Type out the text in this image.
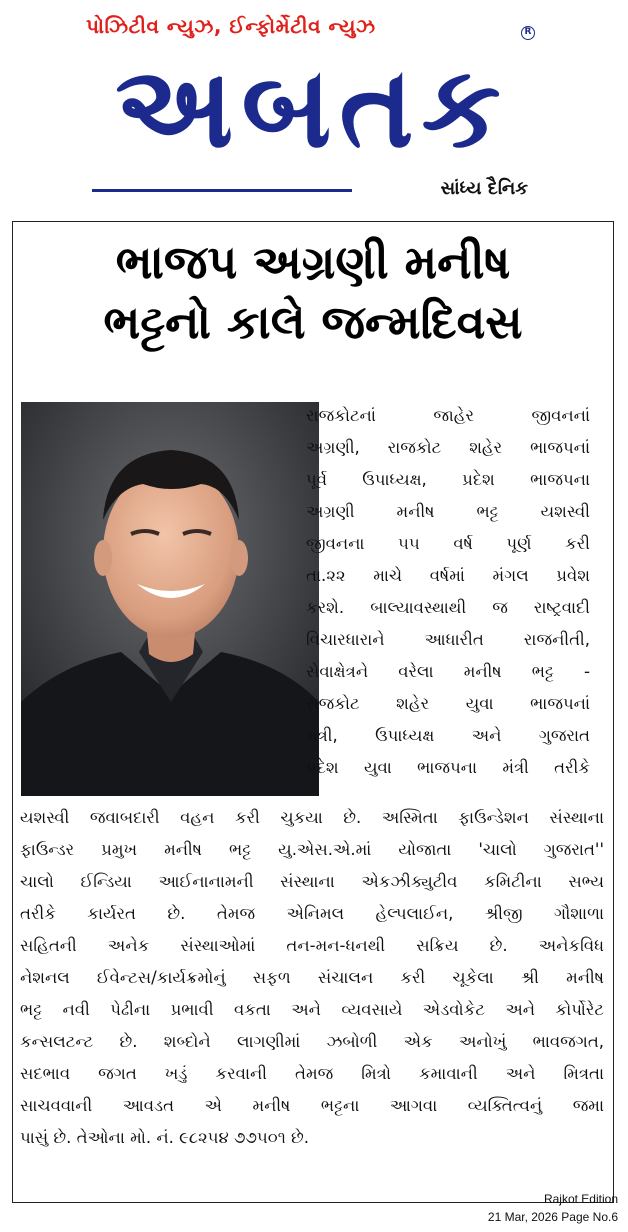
પોઝિટીવ ન્યુઝ, ઈન્ફોર્મેટીવ ન્યુઝ	R
અબતક
સાંધ્ય દૈનિક
ભાજપ અગ્રણી મનીષ
ભટ્ટનો કાલે જન્મદિવસ
રાજકોટનાં જાહેર જીવનનાં
અગ્રણી, રાજકોટ શહેર ભાજપનાં
પૂર્વ ઉપાધ્યક્ષ, પ્રદેશ ભાજપના
અગ્રણી મનીષ ભટ્ટ યશસ્વી
જીવનના ૫૫ વર્ષ પૂર્ણ કરી
તા.૨૨ માચે વર્ષમાં મંગલ પ્રવેશ
કરશે. બાલ્યાવસ્થાથી જ રાષ્ટ્રવાદી
વિચારધારાને આધારીત રાજનીતી,
સેવાક્ષેત્રને વરેલા મનીષ ભટ્ટ -
રાજકોટ શહેર યુવા ભાજપનાં
મંત્રી, ઉપાધ્યક્ષ અને ગુજરાત
પ્રદેશ યુવા ભાજપના મંત્રી તરીકે
યશસ્વી જવાબદારી વહન કરી ચુકયા છે. અસ્મિતા ફાઉન્ડેશન સંસ્થાના
ફાઉન્ડર પ્રમુખ મનીષ ભટ્ટ યુ.એસ.એ.માં યોજાતા 'ચાલો ગુજરાત''
ચાલો ઈન્ડિયા આઈનાનામની સંસ્થાના એકઝીક્યુટીવ કમિટીના સભ્ય
તરીકે કાર્યરત છે. તેમજ એનિમલ હેલ્પલાઈન, શ્રીજી ગૌશાળા
સહિતની અનેક સંસ્થાઓમાં તન-મન-ધનથી સક્રિય છે. અનેકવિધ
નેશનલ ઈવેન્ટસ/કાર્યક્રમોનું સફળ સંચાલન કરી ચૂકેલા શ્રી મનીષ
ભટ્ટ નવી પેઢીના પ્રભાવી વકતા અને વ્યવસાયે એડવોકેટ અને કોર્પોરેટ
કન્સલટન્ટ છે. શબ્દોને લાગણીમાં ઝબોળી એક અનોખું ભાવજગત,
સદભાવ જગત ખડું કરવાની તેમજ મિત્રો કમાવાની અને મિત્રતા
સાચવવાની આવડત એ મનીષ ભટ્ટના આગવા વ્યક્તિત્વનું જમા
પાસું છે. તેઓના મો. નં. ૯૮૨૫૪ ૭૭૫૦૧ છે.
Rajkot Edition
21 Mar, 2026 Page No.6
